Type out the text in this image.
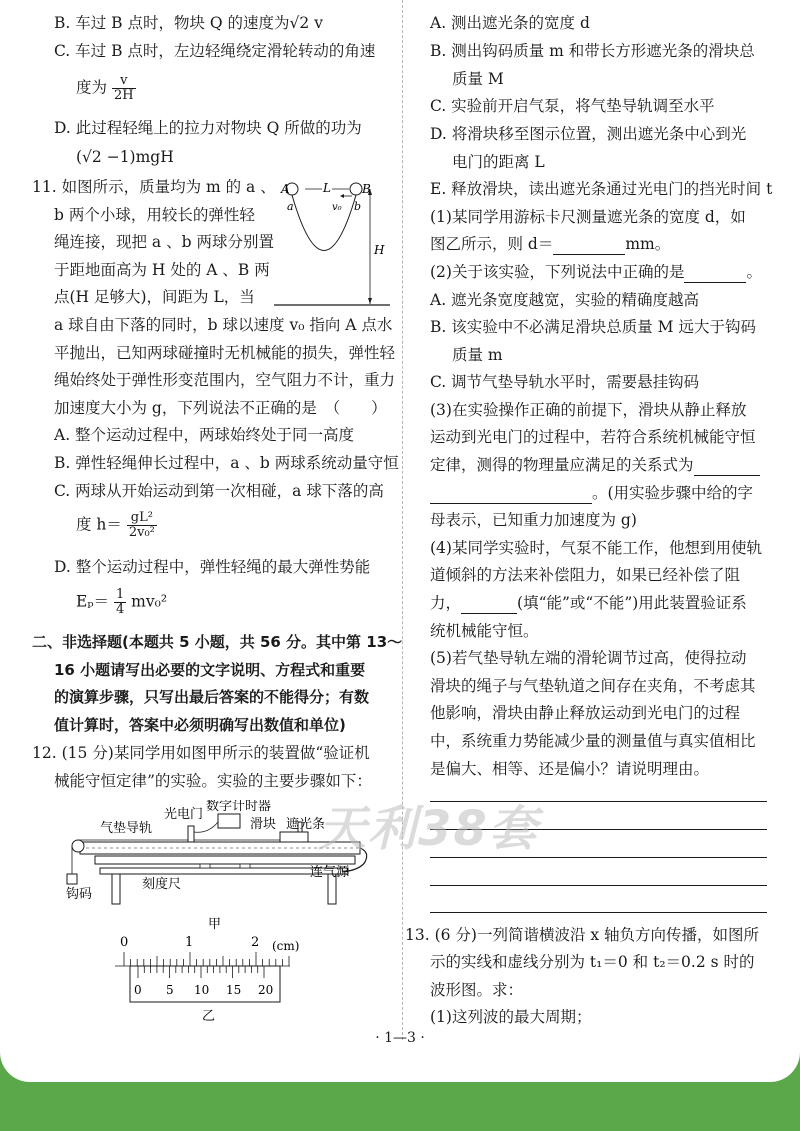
B. 车过 B 点时，物块 Q 的速度为√2 v
C. 车过 B 点时，左边轻绳绕定滑轮转动的角速
度为 $\frac{v}{2H}$
D. 此过程轻绳上的拉力对物块 Q 所做的功为
(√2 −1)mgH
11. 如图所示，质量均为 m 的 a 、
b 两个小球，用较长的弹性轻
绳连接，现把 a 、b 两球分别置
于距地面高为 H 处的 A 、B 两
点(H 足够大)，间距为 L，当
A	B
a	b
L
v₀
H
a 球自由下落的同时，b 球以速度 v₀ 指向 A 点水
平抛出，已知两球碰撞时无机械能的损失，弹性轻
绳始终处于弹性形变范围内，空气阻力不计，重力
加速度大小为 g，下列说法不正确的是　（　　）
A. 整个运动过程中，两球始终处于同一高度
B. 弹性轻绳伸长过程中，a 、b 两球系统动量守恒
C. 两球从开始运动到第一次相碰，a 球下落的高
度 $h= \frac{\text{gL²}}{\text{2v₀²}}$
D. 整个运动过程中，弹性轻绳的最大弹性势能
$E_p= \frac{1}{4} mv_0^2$
二、非选择题(本题共 5 小题，共 56 分。其中第 13～
16 小题请写出必要的文字说明、方程式和重要
的演算步骤，只写出最后答案的不能得分；有数
值计算时，答案中必须明确写出数值和单位)
12. (15 分)某同学用如图甲所示的装置做“验证机
械能守恒定律”的实验。实验的主要步骤如下：
光电门
数字计时器
气垫导轨	滑块 遮光条
钩码
刻度尺
连气源
甲
0	1	2 (cm)
0 5 10 15 20
乙
A. 测出遮光条的宽度 d
B. 测出钩码质量 m 和带长方形遮光条的滑块总
质量 M
C. 实验前开启气泵，将气垫导轨调至水平
D. 将滑块移至图示位置，测出遮光条中心到光
电门的距离 L
E. 释放滑块，读出遮光条通过光电门的挡光时间 t
(1)某同学用游标卡尺测量遮光条的宽度 d，如
图乙所示，则 d＝	mm。
(2)关于该实验，下列说法中正确的是	。
A. 遮光条宽度越宽，实验的精确度越高
B. 该实验中不必满足滑块总质量 M 远大于钩码
质量 m
C. 调节气垫导轨水平时，需要悬挂钩码
(3)在实验操作正确的前提下，滑块从静止释放
运动到光电门的过程中，若符合系统机械能守恒
定律，测得的物理量应满足的关系式为
。(用实验步骤中给的字
母表示，已知重力加速度为 g)
(4)某同学实验时，气泵不能工作，他想到用使轨
道倾斜的方法来补偿阻力，如果已经补偿了阻
力，	(填“能”或“不能”)用此装置验证系
统机械能守恒。
(5)若气垫导轨左端的滑轮调节过高，使得拉动
滑块的绳子与气垫轨道之间存在夹角，不考虑其
他影响，滑块由静止释放运动到光电门的过程
中，系统重力势能减少量的测量值与真实值相比
是偏大、相等、还是偏小？请说明理由。
天利38套
13. (6 分)一列简谐横波沿 x 轴负方向传播，如图所
示的实线和虚线分别为 t₁＝0 和 t₂＝0.2 s 时的
波形图。求：
(1)这列波的最大周期；
· 1—3 ·
